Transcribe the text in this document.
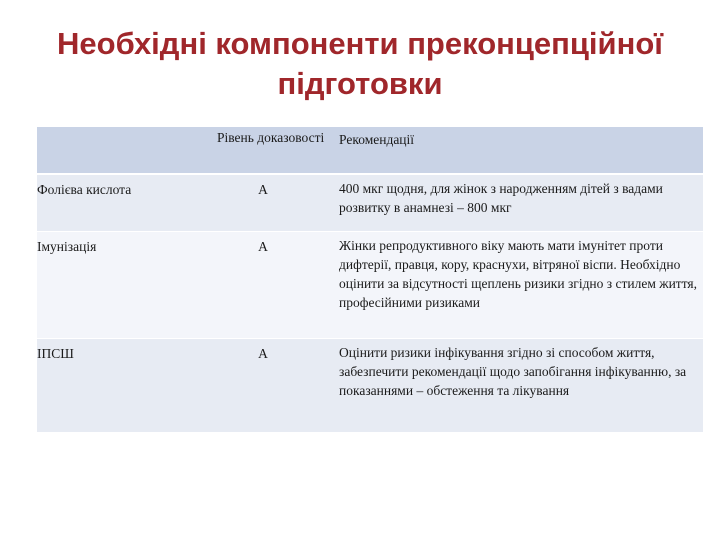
Необхідні компоненти преконцепційної
підготовки
	Рівень доказовості	Рекомендації
Фолієва кислота	A	400 мкг щодня, для жінок з народженням дітей з вадами розвитку в анамнезі – 800 мкг
Імунізація	A	Жінки репродуктивного віку мають мати імунітет проти дифтерії, правця, кору, краснухи, вітряної віспи. Необхідно оцінити за відсутності щеплень ризики згідно з стилем життя, професійними ризиками
ІПСШ	A	Оцінити ризики інфікування згідно зі способом життя, забезпечити рекомендації щодо запобігання інфікуванню, за показаннями – обстеження та лікування
